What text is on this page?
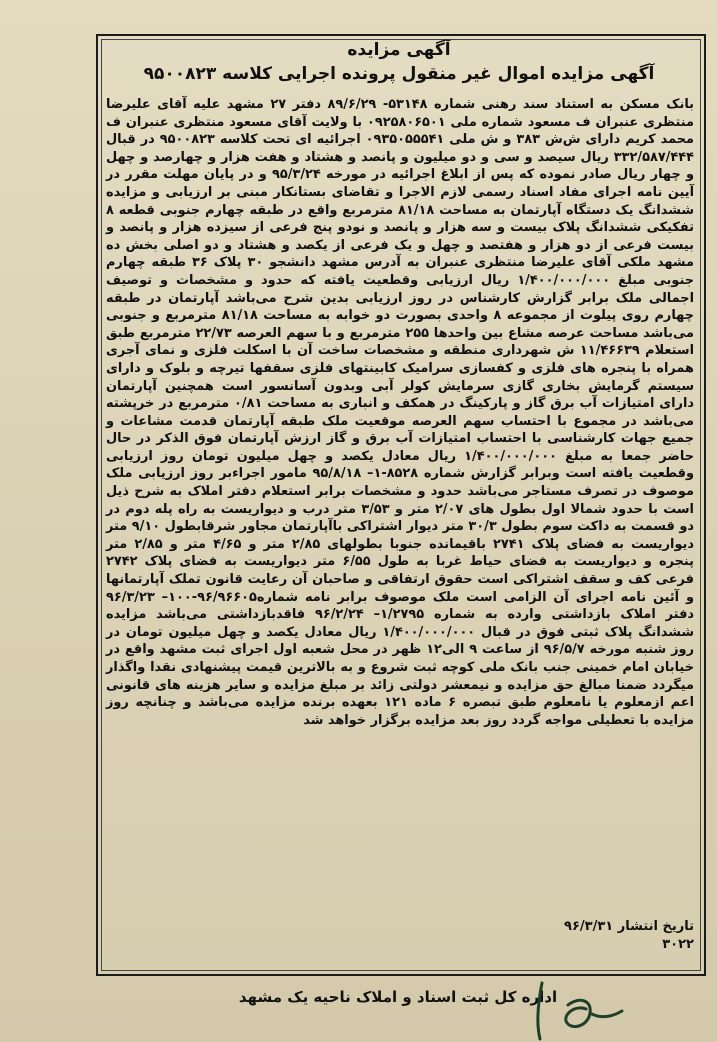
آگهی مزایده
آگهی مزایده اموال غیر منقول پرونده اجرایی کلاسه ۹۵۰۰۸۲۳

بانک مسکن به استناد سند رهنی شماره ۵۳۱۴۸- ۸۹/۶/۲۹ دفتر ۲۷ مشهد علیه آقای علیرضا منتظری عنبران ف مسعود شماره ملی ۰۹۲۵۸۰۶۵۰۱ با ولایت آقای مسعود منتظری عنبران ف محمد کریم دارای ش‌ش ۳۸۳ و ش ملی ۰۹۳۵۰۵۵۵۴۱ اجرائیه ای تحت کلاسه ۹۵۰۰۸۲۳ در قبال ۳۳۲/۵۸۷/۴۴۴ ریال سیصد و سی و دو میلیون و پانصد و هشتاد و هفت هزار و چهارصد و چهل و چهار ریال صادر نموده که پس از ابلاغ اجرائیه در مورخه ۹۵/۳/۲۴ و در پایان مهلت مقرر در آیین نامه اجرای مفاد اسناد رسمی لازم الاجرا و تقاضای بستانکار مبنی بر ارزیابی و مزایده ششدانگ یک دستگاه آپارتمان به مساحت ۸۱/۱۸ مترمربع واقع در طبقه چهارم جنوبی قطعه ۸ تفکیکی ششدانگ پلاک بیست و سه هزار و پانصد و نودو پنج فرعی از سیزده هزار و پانصد و بیست فرعی از دو هزار و هفتصد و چهل و یک فرعی از یکصد و هشتاد و دو اصلی بخش ده مشهد ملکی آقای علیرضا منتظری عنبران به آدرس مشهد دانشجو ۳۰ پلاک ۳۶ طبقه چهارم جنوبی مبلغ ۱/۴۰۰/۰۰۰/۰۰۰ ریال ارزیابی وقطعیت یافته که حدود و مشخصات و توصیف اجمالی ملک برابر گزارش کارشناس در روز ارزیابی بدین شرح می‌باشد آپارتمان در طبقه چهارم روی پیلوت از مجموعه ۸ واحدی بصورت دو خوابه به مساحت ۸۱/۱۸ مترمربع و جنوبی می‌باشد مساحت عرصه مشاع بین واحدها ۲۵۵ مترمربع و با سهم العرصه ۲۲/۷۳ مترمربع طبق استعلام ۱۱/۴۶۶۳۹ ش شهرداری منطقه و مشخصات ساخت آن با اسکلت فلزی و نمای آجری همراه با پنجره های فلزی و کفسازی سرامیک کابینتهای فلزی سقفها تیرچه و بلوک و دارای سیستم گرمایش بخاری گازی سرمایش کولر آبی وبدون آسانسور است همچنین آپارتمان دارای امتیازات آب برق گاز و پارکینگ در همکف و انباری به مساحت ۰/۸۱ مترمربع در خرپشته می‌باشد در مجموع با احتساب سهم العرصه موقعیت ملک طبقه آپارتمان قدمت مشاعات و جمیع جهات کارشناسی با احتساب امتیازات آب برق و گاز ارزش آپارتمان فوق الذکر در حال حاضر جمعا به مبلغ ۱/۴۰۰/۰۰۰/۰۰۰ ریال معادل یکصد و چهل میلیون تومان روز ارزیابی وقطعیت یافته است وبرابر گزارش شماره ۸۵۲۸-۱– ۹۵/۸/۱۸ مامور اجراءبر روز ارزیابی ملک موصوف در تصرف مستاجر می‌باشد حدود و مشخصات برابر استعلام دفتر املاک به شرح ذیل است با حدود شمالا اول بطول های ۲/۰۷ متر و ۳/۵۳ متر درب و دیواریست به راه پله دوم در دو قسمت به داکت سوم بطول ۳۰/۳ متر دیوار اشتراکی باآپارتمان مجاور شرقابطول ۹/۱۰ متر دیواریست به فضای پلاک ۲۷۴۱ باقیمانده جنوبا بطولهای ۲/۸۵ متر و ۴/۶۵ متر و ۲/۸۵ متر پنجره و دیواریست به فضای حیاط غربا به طول ۶/۵۵ متر دیواریست به فضای پلاک ۲۷۴۲ فرعی کف و سقف اشتراکی است حقوق ارتفاقی و صاحبان آن رعایت قانون تملک آپارتمانها و آئین نامه اجرای آن الزامی است ملک موصوف برابر نامه شماره۹۶/۹۶۶۰۵-۱۰۰– ۹۶/۳/۲۳ دفتر املاک بازداشتی وارده به شماره ۱/۲۷۹۵– ۹۶/۲/۲۴ فاقدبازداشتی می‌باشد مزایده ششدانگ پلاک ثبتی فوق در قبال ۱/۴۰۰/۰۰۰/۰۰۰ ریال معادل یکصد و چهل میلیون تومان در روز شنبه مورخه ۹۶/۵/۷ از ساعت ۹ الی۱۲ ظهر در محل شعبه اول اجرای ثبت مشهد واقع در خیابان امام خمینی جنب بانک ملی کوچه ثبت شروع و به بالاترین قیمت پیشنهادی نقدا واگذار میگردد ضمنا مبالغ حق مزایده و نیمعشر دولتی زائد بر مبلغ مزایده و سایر هزینه های قانونی اعم ازمعلوم یا نامعلوم طبق تبصره ۶ ماده ۱۲۱ بعهده برنده مزایده می‌باشد و چنانچه روز مزایده با تعطیلی مواجه گردد روز بعد مزایده برگزار خواهد شد

تاریخ انتشار ۹۶/۳/۳۱
۳۰۲۲
اداره کل ثبت اسناد و املاک ناحیه یک مشهد
